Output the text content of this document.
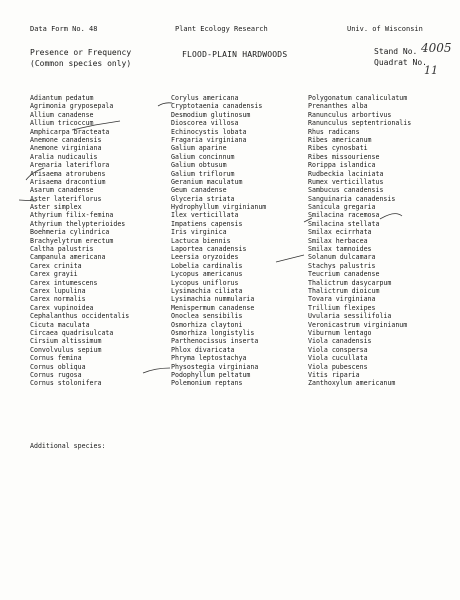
Data Form No. 48	Plant Ecology Research	Univ. of Wisconsin
Presence or Frequency
(Common species only)
FLOOD-PLAIN HARDWOODS	Stand No.
Quadrat No.
4005
11
Adiantum pedatum
Agrimonia gryposepala
Allium canadense
Allium tricoccum
Amphicarpa bracteata
Anemone canadensis
Anemone virginiana
Aralia nudicaulis
Arenaria lateriflora
Arisaema atrorubens
Arisaema dracontium
Asarum canadense
Aster lateriflorus
Aster simplex
Athyrium filix-femina
Athyrium thelypterioides
Boehmeria cylindrica
Brachyelytrum erectum
Caltha palustris
Campanula americana
Carex crinita
Carex grayii
Carex intumescens
Carex lupulina
Carex normalis
Carex vupinoidea
Cephalanthus occidentalis
Cicuta maculata
Circaea quadrisulcata
Cirsium altissimum
Convolvulus sepium
Cornus femina
Cornus obliqua
Cornus rugosa
Cornus stolonifera
Corylus americana
Cryptotaenia canadensis
Desmodium glutinosum
Dioscorea villosa
Echinocystis lobata
Fragaria virginiana
Galium aparine
Galium concinnum
Galium obtusum
Galium triflorum
Geranium maculatum
Geum canadense
Glyceria striata
Hydrophyllum virginianum
Ilex verticillata
Impatiens capensis
Iris virginica
Lactuca biennis
Laportea canadensis
Leersia oryzoides
Lobelia cardinalis
Lycopus americanus
Lycopus uniflorus
Lysimachia ciliata
Lysimachia nummularia
Menispermum canadense
Onoclea sensibilis
Osmorhiza claytoni
Osmorhiza longistylis
Parthenocissus inserta
Phlox divaricata
Phryma leptostachya
Physostegia virginiana
Podophyllum peltatum
Polemonium reptans
Polygonatum canaliculatum
Prenanthes alba
Ranunculus arbortivus
Ranunculus septentrionalis
Rhus radicans
Ribes americanum
Ribes cynosbati
Ribes missouriense
Rorippa islandica
Rudbeckia laciniata
Rumex verticillatus
Sambucus canadensis
Sanguinaria canadensis
Sanicula gregaria
Smilacina racemosa
Smilacina stellata
Smilax ecirrhata
Smilax herbacea
Smilax tamnoides
Solanum dulcamara
Stachys palustris
Teucrium canadense
Thalictrum dasycarpum
Thalictrum dioicum
Tovara virginiana
Trillium flexipes
Uvularia sessilifolia
Veronicastrum virginianum
Viburnum lentago
Viola canadensis
Viola conspersa
Viola cucullata
Viola pubescens
Vitis riparia
Zanthoxylum americanum
Additional species:
